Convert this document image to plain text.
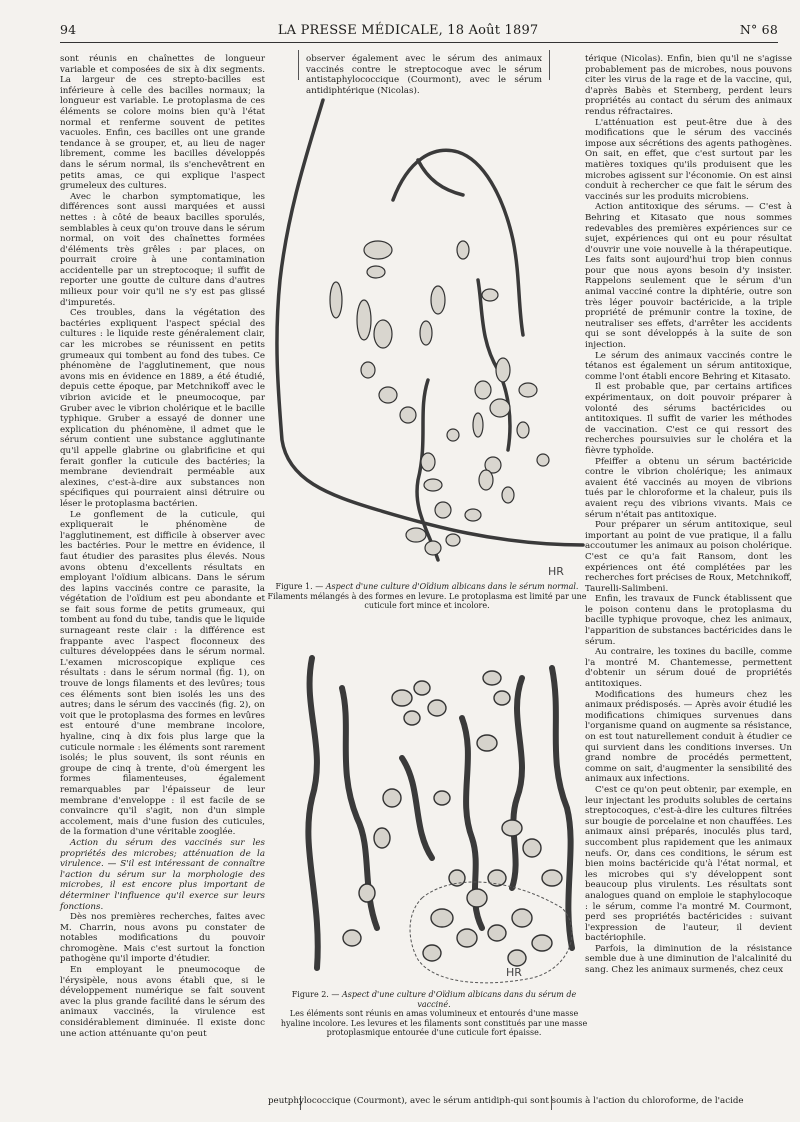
94	LA PRESSE MÉDICALE, 18 Août 1897	N° 68

sont réunis en chaînettes de longueur variable et composées de six à dix segments. La largeur de ces strepto-bacilles est inférieure à celle des bacilles normaux; la longueur est variable. Le protoplasma de ces éléments se colore moins bien qu'à l'état normal et renferme souvent de petites vacuoles. Enfin, ces bacilles ont une grande tendance à se grouper, et, au lieu de nager librement, comme les bacilles développés dans le sérum normal, ils s'enchevêtrent en petits amas, ce qui explique l'aspect grumeleux des cultures.

Avec le charbon symptomatique, les différences sont aussi marquées et aussi nettes : à côté de beaux bacilles sporulés, semblables à ceux qu'on trouve dans le sérum normal, on voit des chaînettes formées d'éléments très grêles : par places, on pourrait croire à une contamination accidentelle par un streptocoque; il suffit de reporter une goutte de culture dans d'autres milieux pour voir qu'il ne s'y est pas glissé d'impuretés.

Ces troubles, dans la végétation des bactéries expliquent l'aspect spécial des cultures : le liquide reste généralement clair, car les microbes se réunissent en petits grumeaux qui tombent au fond des tubes. Ce phénomène de l'agglutinement, que nous avons mis en évidence en 1889, a été étudié, depuis cette époque, par Metchnikoff avec le vibrion avicide et le pneumocoque, par Gruber avec le vibrion cholérique et le bacille typhique. Gruber a essayé de donner une explication du phénomène, il admet que le sérum contient une substance agglutinante qu'il appelle glabrine ou glabrificine et qui ferait gonfler la cuticule des bactéries; la membrane deviendrait perméable aux alexines, c'est-à-dire aux substances non spécifiques qui pourraient ainsi détruire ou léser le protoplasma bactérien.

Le gonflement de la cuticule, qui expliquerait le phénomène de l'agglutinement, est difficile à observer avec les bactéries. Pour le mettre en évidence, il faut étudier des parasites plus élevés. Nous avons obtenu d'excellents résultats en employant l'oïdium albicans. Dans le sérum des lapins vaccinés contre ce parasite, la végétation de l'oïdium est peu abondante et se fait sous forme de petits grumeaux, qui tombent au fond du tube, tandis que le liquide surnageant reste clair : la différence est frappante avec l'aspect floconneux des cultures développées dans le sérum normal. L'examen microscopique explique ces résultats : dans le sérum normal (fig. 1), on trouve de longs filaments et des levûres; tous ces éléments sont bien isolés les uns des autres; dans le sérum des vaccinés (fig. 2), on voit que le protoplasma des formes en levûres est entouré d'une membrane incolore, hyaline, cinq à dix fois plus large que la cuticule normale : les éléments sont rarement isolés; le plus souvent, ils sont réunis en groupe de cinq à trente, d'où émergent les formes filamenteuses, également remarquables par l'épaisseur de leur membrane d'enveloppe : il est facile de se convaincre qu'il s'agit, non d'un simple accolement, mais d'une fusion des cuticules, de la formation d'une véritable zooglée.

Action du sérum des vaccinés sur les propriétés des microbes; atténuation de la virulence. — S'il est intéressant de connaître l'action du sérum sur la morphologie des microbes, il est encore plus important de déterminer l'influence qu'il exerce sur leurs fonctions.

Dès nos premières recherches, faites avec M. Charrin, nous avons pu constater de notables modifications du pouvoir chromogène. Mais c'est surtout la fonction pathogène qu'il importe d'étudier.

En employant le pneumocoque de l'érysipèle, nous avons établi que, si le développement numérique se fait souvent avec la plus grande facilité dans le sérum des animaux vaccinés, la virulence est considérablement diminuée. Il existe donc une action atténuante qu'on peut

observer également avec le sérum des animaux vaccinés contre le streptocoque avec le sérum antistaphylococcique (Courmont), avec le sérum antidiphtérique (Nicolas).

térique (Nicolas). Enfin, bien qu'il ne s'agisse probablement pas de microbes, nous pouvons citer les virus de la rage et de la vaccine, qui, d'après Babès et Sternberg, perdent leurs propriétés au contact du sérum des animaux rendus réfractaires.

L'atténuation est peut-être due à des modifications que le sérum des vaccinés impose aux sécrétions des agents pathogènes. On sait, en effet, que c'est surtout par les matières toxiques qu'ils produisent que les microbes agissent sur l'économie. On est ainsi conduit à rechercher ce que fait le sérum des vaccinés sur les produits microbiens.

Action antitoxique des sérums. — C'est à Behring et Kitasato que nous sommes redevables des premières expériences sur ce sujet, expériences qui ont eu pour résultat d'ouvrir une voie nouvelle à la thérapeutique. Les faits sont aujourd'hui trop bien connus pour que nous ayons besoin d'y insister. Rappelons seulement que le sérum d'un animal vacciné contre la diphtérie, outre son très léger pouvoir bactéricide, a la triple propriété de prémunir contre la toxine, de neutraliser ses effets, d'arrêter les accidents qui se sont développés à la suite de son injection.

Le sérum des animaux vaccinés contre le tétanos est également un sérum antitoxique, comme l'ont établi encore Behring et Kitasato.

Il est probable que, par certains artifices expérimentaux, on doit pouvoir préparer à volonté des sérums bactéricides ou antitoxiques. Il suffit de varier les méthodes de vaccination. C'est ce qui ressort des recherches poursuivies sur le choléra et la fièvre typhoïde.

Pfeiffer a obtenu un sérum bactéricide contre le vibrion cholérique; les animaux avaient été vaccinés au moyen de vibrions tués par le chloroforme et la chaleur, puis ils avaient reçu des vibrions vivants. Mais ce sérum n'était pas antitoxique.

Pour préparer un sérum antitoxique, seul important au point de vue pratique, il a fallu accoutumer les animaux au poison cholérique. C'est ce qu'a fait Ransom, dont les expériences ont été complétées par les recherches fort précises de Roux, Metchnikoff, Taurelli-Salimbeni.

Enfin, les travaux de Funck établissent que le poison contenu dans le protoplasma du bacille typhique provoque, chez les animaux, l'apparition de substances bactéricides dans le sérum.

Au contraire, les toxines du bacille, comme l'a montré M. Chantemesse, permettent d'obtenir un sérum doué de propriétés antitoxiques.

Modifications des humeurs chez les animaux prédisposés. — Après avoir étudié les modifications chimiques survenues dans l'organisme quand on augmente sa résistance, on est tout naturellement conduit à étudier ce qui survient dans les conditions inverses. Un grand nombre de procédés permettent, comme on sait, d'augmenter la sensibilité des animaux aux infections.

C'est ce qu'on peut obtenir, par exemple, en leur injectant les produits solubles de certains streptocoques, c'est-à-dire les cultures filtrées sur bougie de porcelaine et non chauffées. Les animaux ainsi préparés, inoculés plus tard, succombent plus rapidement que les animaux neufs. Or, dans ces conditions, le sérum est bien moins bactéricide qu'à l'état normal, et les microbes qui s'y développent sont beaucoup plus virulents. Les résultats sont analogues quand on emploie le staphylocoque : le sérum, comme l'a montré M. Courmont, perd ses propriétés bactéricides : suivant l'expression de l'auteur, il devient bactériophile.

Parfois, la diminution de la résistance semble due à une diminution de l'alcalinité du sang. Chez les animaux surmenés, chez ceux

HR
Figure 1. — Aspect d'une culture d'Oïdium albicans dans le sérum normal. Filaments mélangés à des formes en levure. Le protoplasma est limité par une cuticule fort mince et incolore.
HR
Figure 2. — Aspect d'une culture d'Oïdium albicans dans du sérum de vacciné.
Les éléments sont réunis en amas volumineux et entourés d'une masse hyaline incolore. Les levures et les filaments sont constitués par une masse protoplasmique entourée d'une cuticule fort épaisse.
peut phylococcique (Courmont), avec le sérum antidiph- qui sont soumis à l'action du chloroforme, de l'acide
